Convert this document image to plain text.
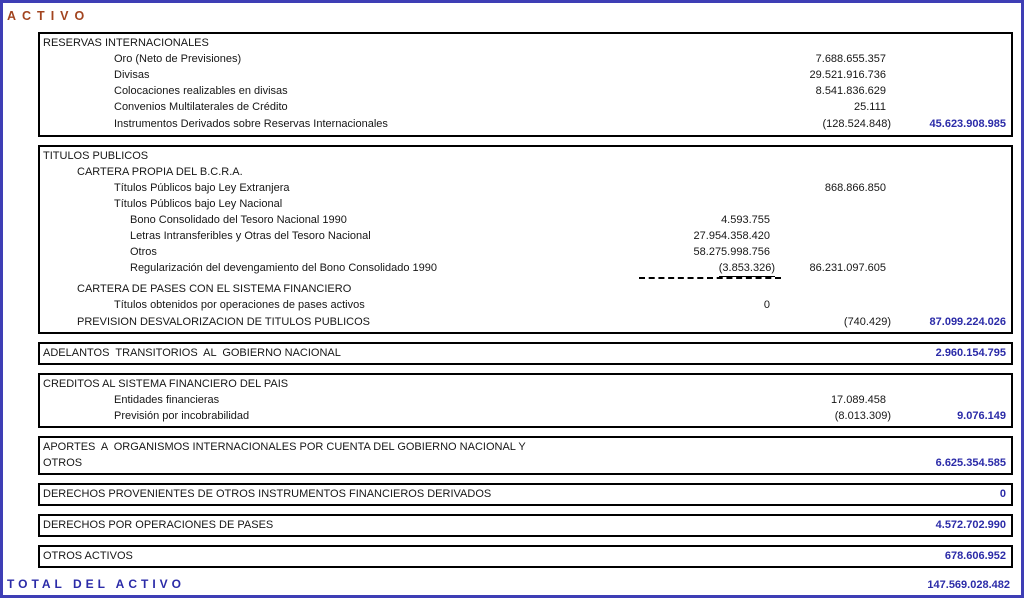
ACTIVO
RESERVAS INTERNACIONALES
Oro (Neto de Previsiones)	7.688.655.357
Divisas	29.521.916.736
Colocaciones realizables en divisas	8.541.836.629
Convenios Multilaterales de Crédito	25.111
Instrumentos Derivados sobre Reservas Internacionales	(128.524.848)	45.623.908.985
TITULOS PUBLICOS
CARTERA PROPIA DEL B.C.R.A.
Títulos Públicos bajo Ley Extranjera	868.866.850
Títulos Públicos bajo Ley Nacional
Bono Consolidado del Tesoro Nacional 1990	4.593.755
Letras Intransferibles y Otras del Tesoro Nacional	27.954.358.420
Otros	58.275.998.756
Regularización del devengamiento del Bono Consolidado 1990	(3.853.326)	86.231.097.605
CARTERA DE PASES CON EL SISTEMA FINANCIERO
Títulos obtenidos por operaciones de pases activos	0
PREVISION DESVALORIZACION DE TITULOS PUBLICOS	(740.429)	87.099.224.026
ADELANTOS  TRANSITORIOS  AL  GOBIERNO NACIONAL	2.960.154.795
CREDITOS AL SISTEMA FINANCIERO DEL PAIS
Entidades financieras	17.089.458
Previsión por incobrabilidad	(8.013.309)	9.076.149
APORTES  A  ORGANISMOS INTERNACIONALES POR CUENTA DEL GOBIERNO NACIONAL Y
OTROS	6.625.354.585
DERECHOS PROVENIENTES DE OTROS INSTRUMENTOS FINANCIEROS DERIVADOS	0
DERECHOS POR OPERACIONES DE PASES	4.572.702.990
OTROS ACTIVOS	678.606.952
TOTAL DEL ACTIVO	147.569.028.482
